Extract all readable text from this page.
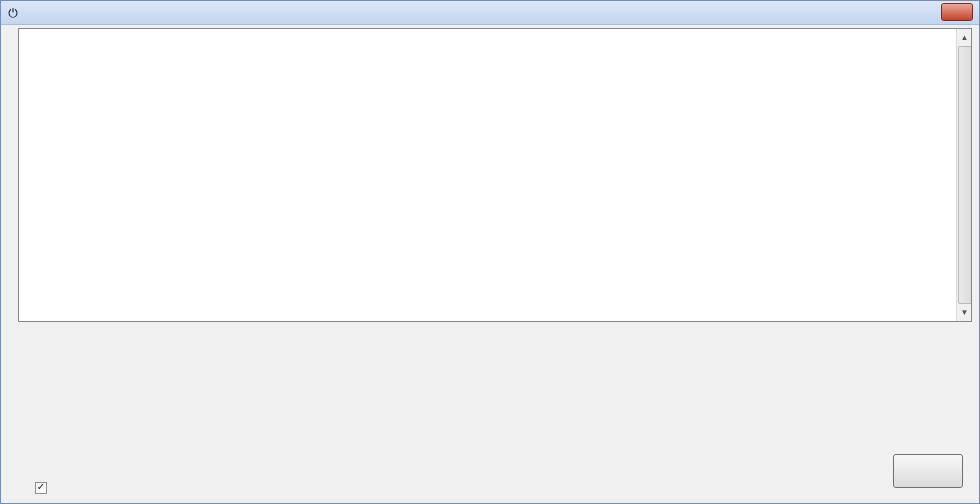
⏻
▲
▼
✓
